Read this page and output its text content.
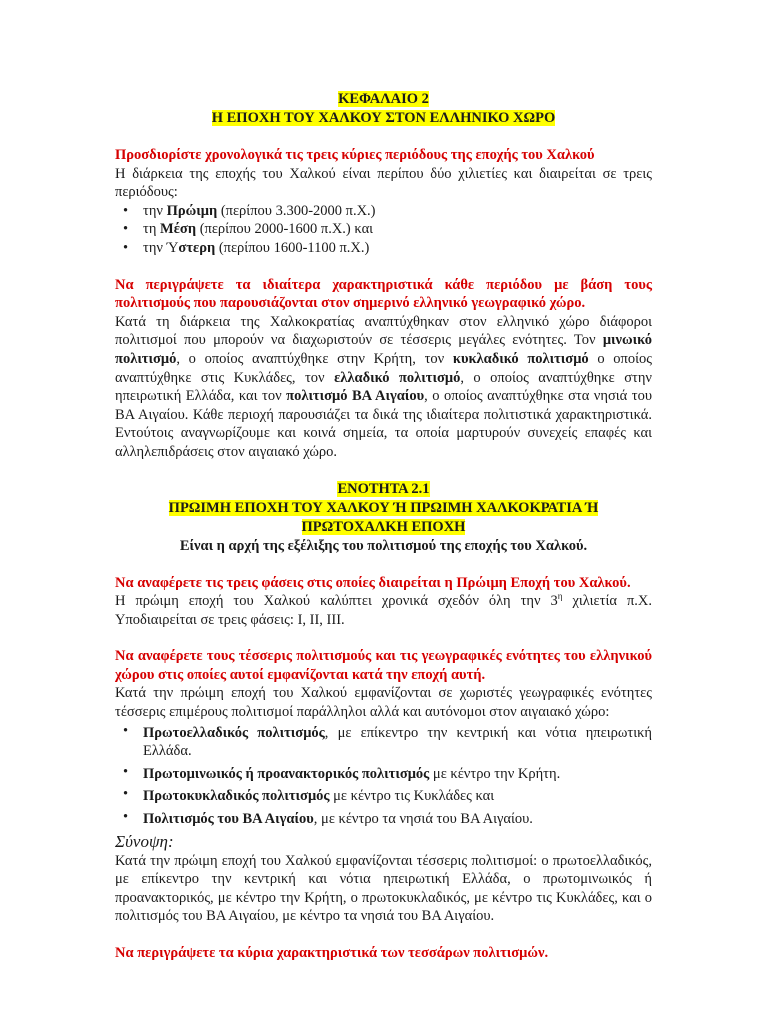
ΚΕΦΑΛΑΙΟ 2
Η ΕΠΟΧΗ ΤΟΥ ΧΑΛΚΟΥ ΣΤΟΝ ΕΛΛΗΝΙΚΟ ΧΩΡΟ
Προσδιορίστε χρονολογικά τις τρεις κύριες περιόδους της εποχής του Χαλκού
Η διάρκεια της εποχής του Χαλκού είναι περίπου δύο χιλιετίες και διαιρείται σε τρεις περιόδους:
• την Πρώιμη (περίπου 3.300-2000 π.Χ.)
• τη Μέση (περίπου 2000-1600 π.Χ.) και
• την Ύστερη (περίπου 1600-1100 π.Χ.)
Να περιγράψετε τα ιδιαίτερα χαρακτηριστικά κάθε περιόδου με βάση τους πολιτισμούς που παρουσιάζονται στον σημερινό ελληνικό γεωγραφικό χώρο.
Κατά τη διάρκεια της Χαλκοκρατίας αναπτύχθηκαν στον ελληνικό χώρο διάφοροι πολιτισμοί που μπορούν να διαχωριστούν σε τέσσερις μεγάλες ενότητες. Τον μινωικό πολιτισμό, ο οποίος αναπτύχθηκε στην Κρήτη, τον κυκλαδικό πολιτισμό ο οποίος αναπτύχθηκε στις Κυκλάδες, τον ελλαδικό πολιτισμό, ο οποίος αναπτύχθηκε στην ηπειρωτική Ελλάδα, και τον πολιτισμό ΒΑ Αιγαίου, ο οποίος αναπτύχθηκε στα νησιά του ΒΑ Αιγαίου. Κάθε περιοχή παρουσιάζει τα δικά της ιδιαίτερα πολιτιστικά χαρακτηριστικά. Εντούτοις αναγνωρίζουμε και κοινά σημεία, τα οποία μαρτυρούν συνεχείς επαφές και αλληλεπιδράσεις στον αιγαιακό χώρο.
ΕΝΟΤΗΤΑ 2.1
ΠΡΩΙΜΗ ΕΠΟΧΗ ΤΟΥ ΧΑΛΚΟΥ Ή ΠΡΩΙΜΗ ΧΑΛΚΟΚΡΑΤΙΑ Ή
ΠΡΩΤΟΧΑΛΚΗ ΕΠΟΧΗ
Είναι η αρχή της εξέλιξης του πολιτισμού της εποχής του Χαλκού.
Να αναφέρετε τις τρεις φάσεις στις οποίες διαιρείται η Πρώιμη Εποχή του Χαλκού.
Η πρώιμη εποχή του Χαλκού καλύπτει χρονικά σχεδόν όλη την $3^\eta$ χιλιετία π.Χ. Υποδιαιρείται σε τρεις φάσεις: Ι, ΙΙ, ΙΙΙ.
Να αναφέρετε τους τέσσερις πολιτισμούς και τις γεωγραφικές ενότητες του ελληνικού χώρου στις οποίες αυτοί εμφανίζονται κατά την εποχή αυτή.
Κατά την πρώιμη εποχή του Χαλκού εμφανίζονται σε χωριστές γεωγραφικές ενότητες τέσσερις επιμέρους πολιτισμοί παράλληλοι αλλά και αυτόνομοι στον αιγαιακό χώρο:
• Πρωτοελλαδικός πολιτισμός, με επίκεντρο την κεντρική και νότια ηπειρωτική Ελλάδα.
• Πρωτομινωικός ή προανακτορικός πολιτισμός με κέντρο την Κρήτη.
• Πρωτοκυκλαδικός πολιτισμός με κέντρο τις Κυκλάδες και
• Πολιτισμός του ΒΑ Αιγαίου, με κέντρο τα νησιά του ΒΑ Αιγαίου.
Σύνοψη:
Κατά την πρώιμη εποχή του Χαλκού εμφανίζονται τέσσερις πολιτισμοί: ο πρωτοελλαδικός, με επίκεντρο την κεντρική και νότια ηπειρωτική Ελλάδα, ο πρωτομινωικός ή προανακτορικός, με κέντρο την Κρήτη, ο πρωτοκυκλαδικός, με κέντρο τις Κυκλάδες, και ο πολιτισμός του ΒΑ Αιγαίου, με κέντρο τα νησιά του ΒΑ Αιγαίου.
Να περιγράψετε τα κύρια χαρακτηριστικά των τεσσάρων πολιτισμών.
